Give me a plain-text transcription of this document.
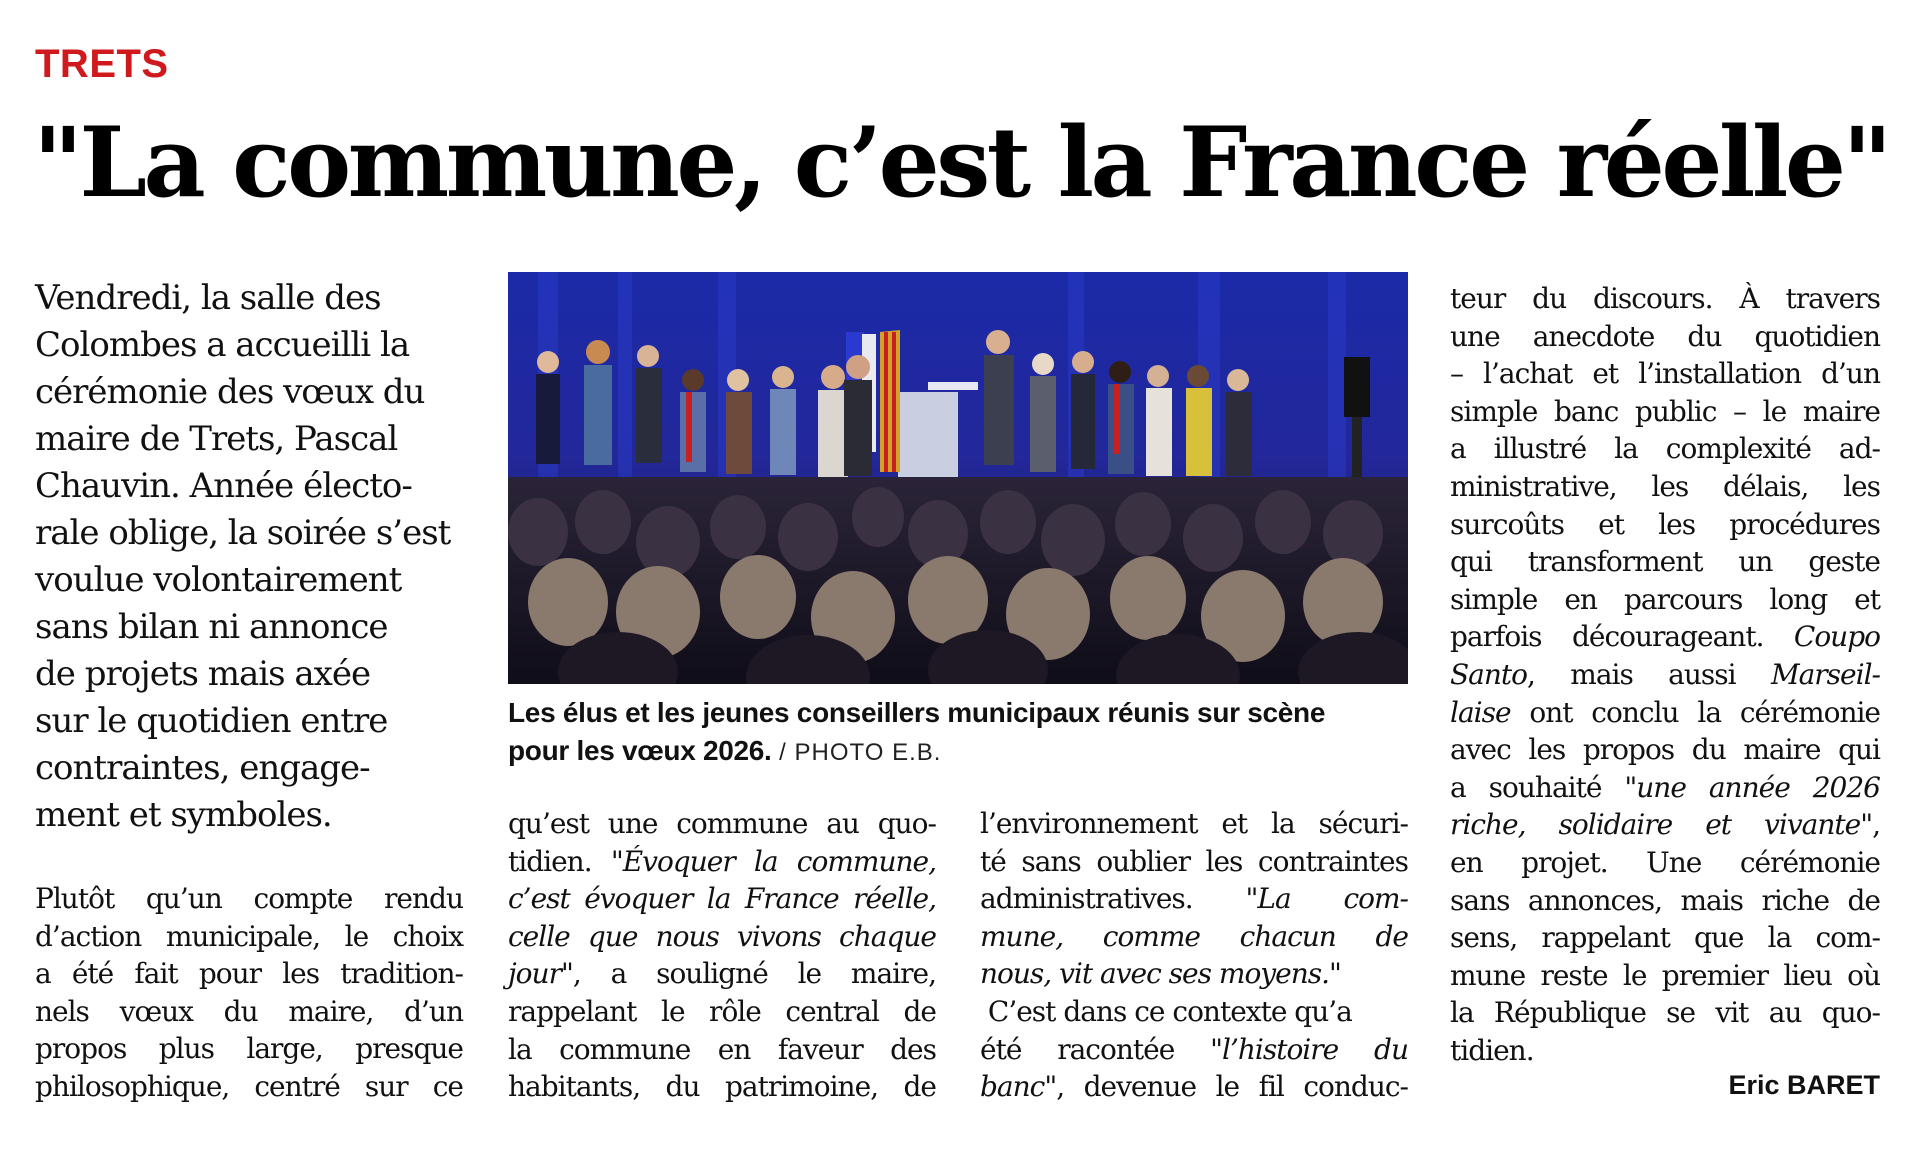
TRETS
"La commune, c’est la France réelle"
Vendredi, la salle des
Colombes a accueilli la
cérémonie des vœux du
maire de Trets, Pascal
Chauvin. Année électo-
rale oblige, la soirée s’est
voulue volontairement
sans bilan ni annonce
de projets mais axée
sur le quotidien entre
contraintes, engage-
ment et symboles.
Les élus et les jeunes conseillers municipaux réunis sur scène
pour les vœux 2026. / PHOTO E.B.
Plutôt qu’un compte rendu
d’action municipale, le choix
a été fait pour les tradition-
nels vœux du maire, d’un
propos plus large, presque
philosophique, centré sur ce
qu’est une commune au quo-
tidien. "Évoquer la commune,
c’est évoquer la France réelle,
celle que nous vivons chaque
jour", a souligné le maire,
rappelant le rôle central de
la commune en faveur des
habitants, du patrimoine, de
l’environnement et la sécuri-
té sans oublier les contraintes
administratives. "La com-
mune, comme chacun de
nous, vit avec ses moyens."
C’est dans ce contexte qu’a
été racontée "l’histoire du
banc", devenue le fil conduc-
teur du discours. À travers
une anecdote du quotidien
– l’achat et l’installation d’un
simple banc public – le maire
a illustré la complexité ad-
ministrative, les délais, les
surcoûts et les procédures
qui transforment un geste
simple en parcours long et
parfois décourageant. Coupo
Santo, mais aussi Marseil-
laise ont conclu la cérémonie
avec les propos du maire qui
a souhaité "une année 2026
riche, solidaire et vivante",
en projet. Une cérémonie
sans annonces, mais riche de
sens, rappelant que la com-
mune reste le premier lieu où
la République se vit au quo-
tidien.
Eric BARET
